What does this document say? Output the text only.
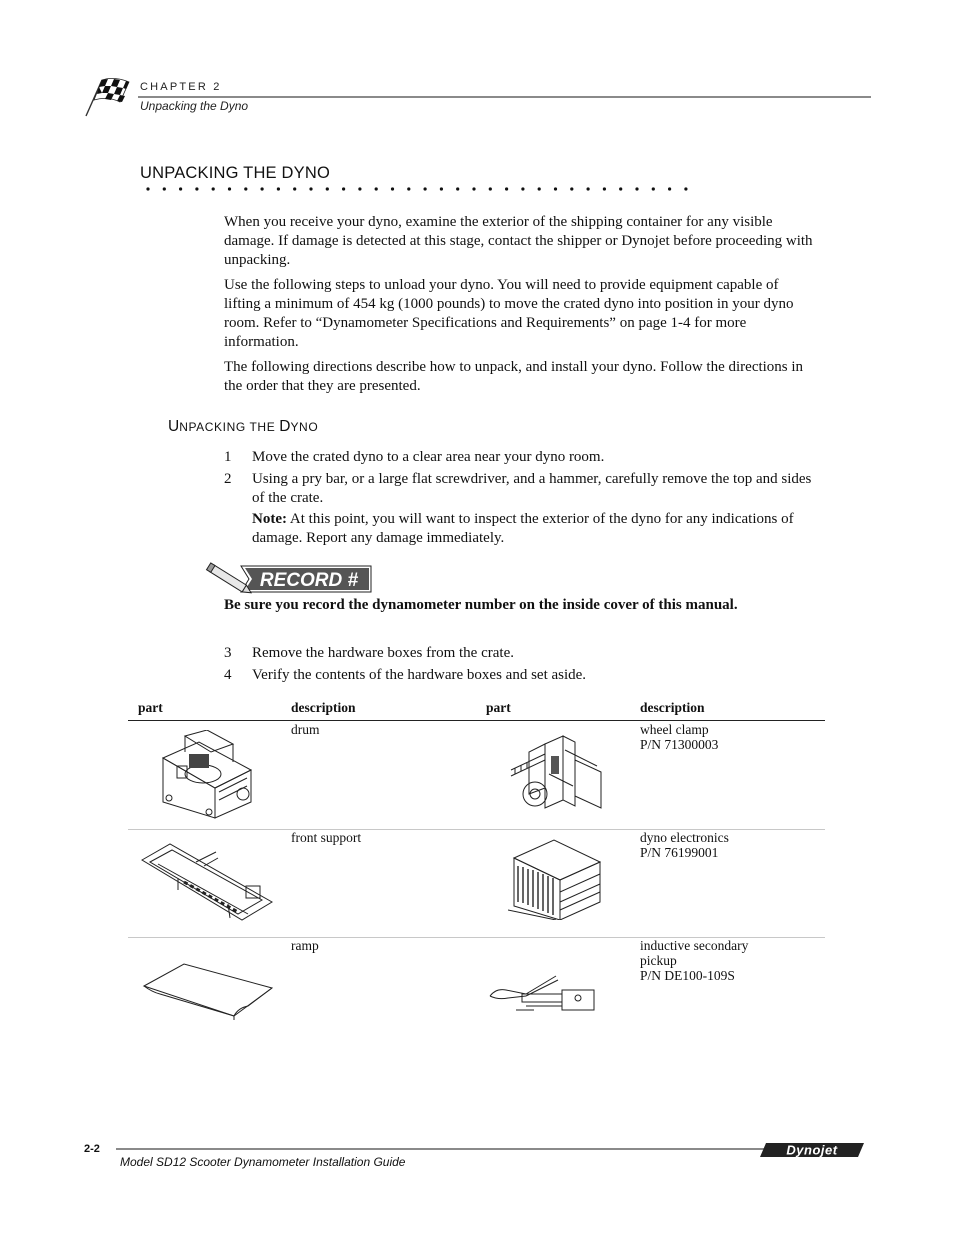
CHAPTER 2
Unpacking the Dyno
UNPACKING THE DYNO

When you receive your dyno, examine the exterior of the shipping container for any visible damage. If damage is detected at this stage, contact the shipper or Dynojet before proceeding with unpacking.

Use the following steps to unload your dyno. You will need to provide equipment capable of lifting a minimum of 454 kg (1000 pounds) to move the crated dyno into position in your dyno room. Refer to “Dynamometer Specifications and Requirements” on page 1-4 for more information.

The following directions describe how to unpack, and install your dyno. Follow the directions in the order that they are presented.

UNPACKING THE DYNO
1 Move the crated dyno to a clear area near your dyno room.
2 Using a pry bar, or a large flat screwdriver, and a hammer, carefully remove the top and sides of the crate.
Note: At this point, you will want to inspect the exterior of the dyno for any indications of damage. Report any damage immediately.
RECORD #
Be sure you record the dynamometer number on the inside cover of this manual.
3 Remove the hardware boxes from the crate.
4 Verify the contents of the hardware boxes and set aside.
part	description	part	description
drum	wheel clamp
P/N 71300003
front support	dyno electronics
P/N 76199001
ramp	inductive secondary
pickup
P/N DE100-109S
2-2
Model SD12 Scooter Dynamometer Installation Guide
Dynojet
